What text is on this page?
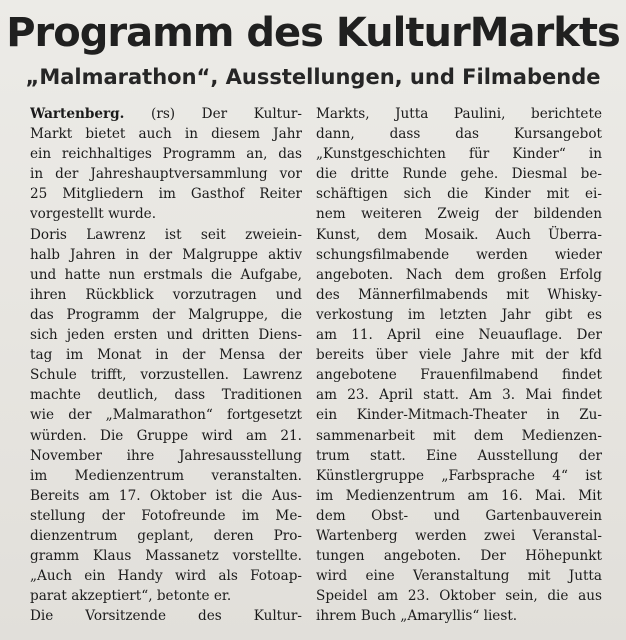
Programm des KulturMarkts
„Malmarathon“, Ausstellungen, und Filmabende
Wartenberg. (rs) Der Kultur-
Markt bietet auch in diesem Jahr
ein reichhaltiges Programm an, das
in der Jahreshauptversammlung vor
25 Mitgliedern im Gasthof Reiter
vorgestellt wurde.
Doris Lawrenz ist seit zweiein-
halb Jahren in der Malgruppe aktiv
und hatte nun erstmals die Aufgabe,
ihren Rückblick vorzutragen und
das Programm der Malgruppe, die
sich jeden ersten und dritten Diens-
tag im Monat in der Mensa der
Schule trifft, vorzustellen. Lawrenz
machte deutlich, dass Traditionen
wie der „Malmarathon“ fortgesetzt
würden. Die Gruppe wird am 21.
November ihre Jahresausstellung
im Medienzentrum veranstalten.
Bereits am 17. Oktober ist die Aus-
stellung der Fotofreunde im Me-
dienzentrum geplant, deren Pro-
gramm Klaus Massanetz vorstellte.
„Auch ein Handy wird als Fotoap-
parat akzeptiert“, betonte er.
Die Vorsitzende des Kultur-
Markts, Jutta Paulini, berichtete
dann, dass das Kursangebot
„Kunstgeschichten für Kinder“ in
die dritte Runde gehe. Diesmal be-
schäftigen sich die Kinder mit ei-
nem weiteren Zweig der bildenden
Kunst, dem Mosaik. Auch Überra-
schungsfilmabende werden wieder
angeboten. Nach dem großen Erfolg
des Männerfilmabends mit Whisky-
verkostung im letzten Jahr gibt es
am 11. April eine Neuauflage. Der
bereits über viele Jahre mit der kfd
angebotene Frauenfilmabend findet
am 23. April statt. Am 3. Mai findet
ein Kinder-Mitmach-Theater in Zu-
sammenarbeit mit dem Medienzen-
trum statt. Eine Ausstellung der
Künstlergruppe „Farbsprache 4“ ist
im Medienzentrum am 16. Mai. Mit
dem Obst- und Gartenbauverein
Wartenberg werden zwei Veranstal-
tungen angeboten. Der Höhepunkt
wird eine Veranstaltung mit Jutta
Speidel am 23. Oktober sein, die aus
ihrem Buch „Amaryllis“ liest.
